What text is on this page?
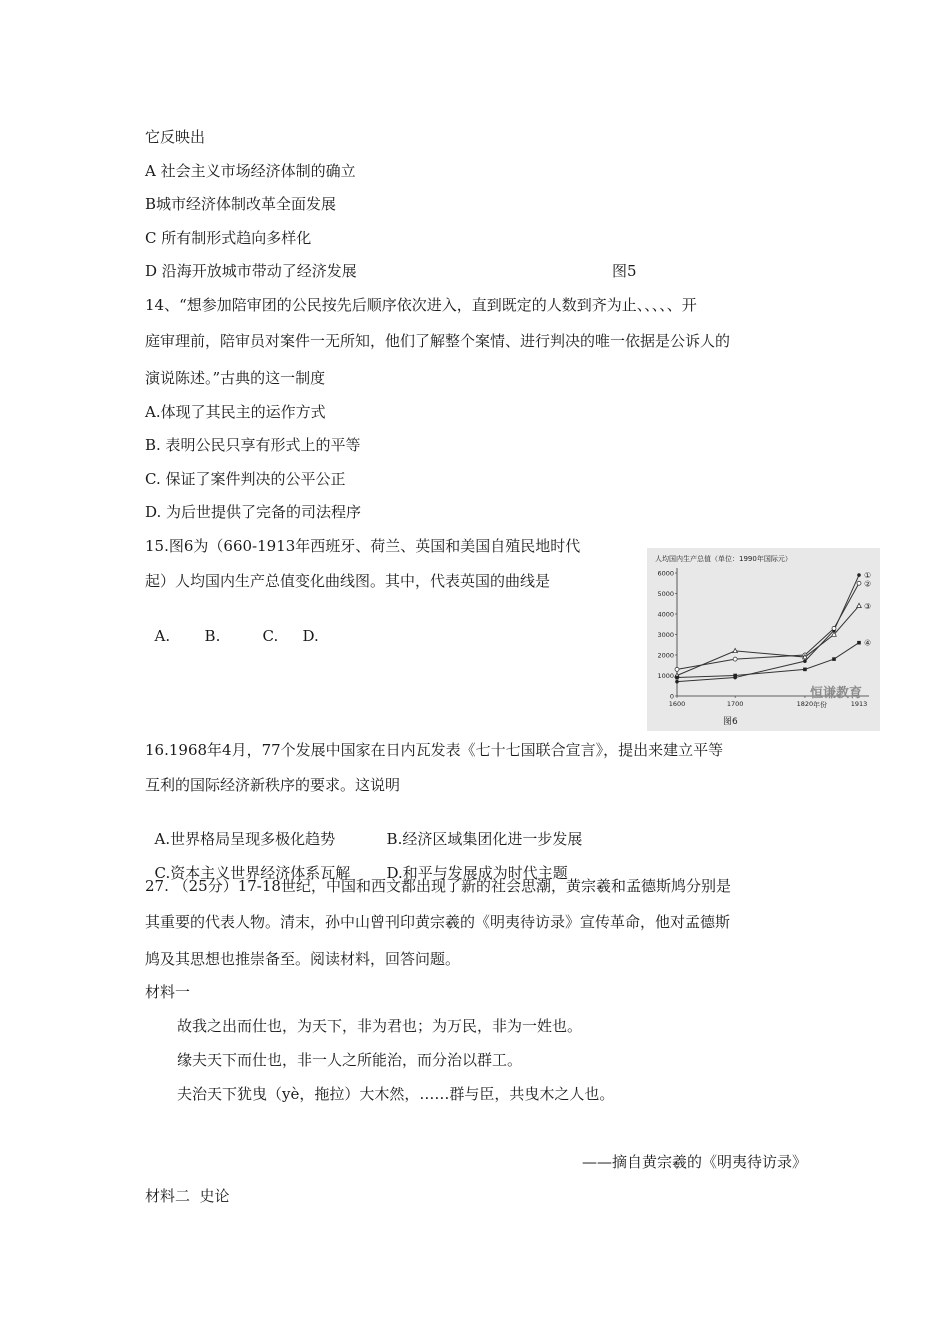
它反映出
A 社会主义市场经济体制的确立
B城市经济体制改革全面发展
C 所有制形式趋向多样化
D 沿海开放城市带动了经济发展	图5
14、“想参加陪审团的公民按先后顺序依次进入，直到既定的人数到齐为止、、、、、开
庭审理前，陪审员对案件一无所知，他们了解整个案情、进行判决的唯一依据是公诉人的
演说陈述。”古典的这一制度
A.体现了其民主的运作方式
B. 表明公民只享有形式上的平等
C. 保证了案件判决的公平公正
D. 为后世提供了完备的司法程序
15.图6为（660-1913年西班牙、荷兰、英国和美国自殖民地时代
起）人均国内生产总值变化曲线图。其中，代表英国的曲线是

A. B.	C. D.

人均国内生产总值（单位：1990年国际元）
0
1000
2000
3000
4000
5000
6000
1600	1700	1820	1913
①
②
③
④
恒谦教育
年份
图6
16.1968年4月，77个发展中国家在日内瓦发表《七十七国联合宣言》，提出来建立平等
互利的国际经济新秩序的要求。这说明

A.世界格局呈现多极化趋势	B.经济区域集团化进一步发展

C.资本主义世界经济体系瓦解 D.和平与发展成为时代主题

27. （25分）17-18世纪，中国和西文都出现了新的社会思潮，黄宗羲和孟德斯鸠分别是
其重要的代表人物。清末，孙中山曾刊印黄宗羲的《明夷待访录》宣传革命，他对孟德斯
鸠及其思想也推崇备至。阅读材料，回答问题。
材料一
故我之出而仕也，为天下，非为君也；为万民，非为一姓也。
缘夫天下而仕也，非一人之所能治，而分治以群工。
夫治天下犹曳（yè，拖拉）大木然，……群与臣，共曳木之人也。
——摘自黄宗羲的《明夷待访录》
材料二  史论
